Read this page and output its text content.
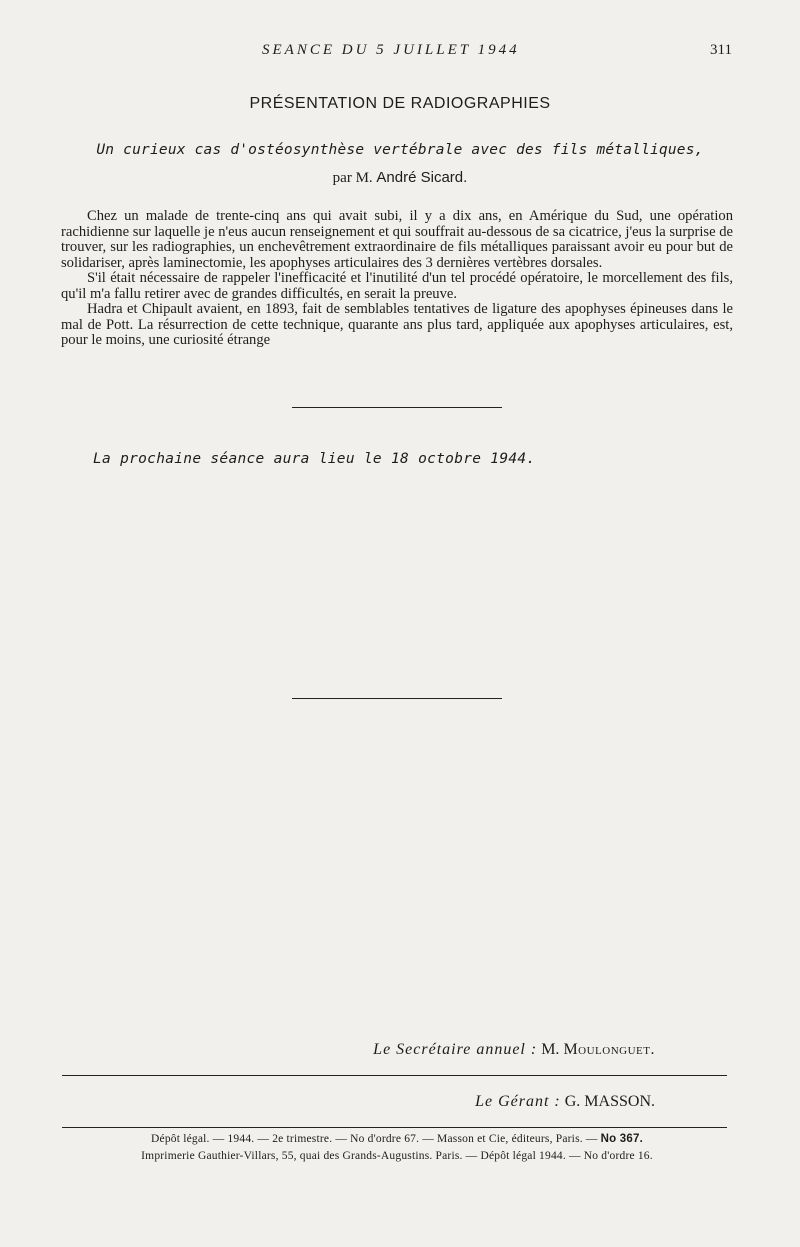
SEANCE DU 5 JUILLET 1944	311
PRÉSENTATION DE RADIOGRAPHIES
Un curieux cas d'ostéosynthèse vertébrale avec des fils métalliques,
par M. André Sicard.

Chez un malade de trente-cinq ans qui avait subi, il y a dix ans, en Amérique du Sud, une opération rachidienne sur laquelle je n'eus aucun renseignement et qui souffrait au-dessous de sa cicatrice, j'eus la surprise de trouver, sur les radiographies, un enchevêtrement extraordinaire de fils métalliques paraissant avoir eu pour but de solidariser, après laminectomie, les apophyses articulaires des 3 dernières vertèbres dorsales.

S'il était nécessaire de rappeler l'inefficacité et l'inutilité d'un tel procédé opératoire, le morcellement des fils, qu'il m'a fallu retirer avec de grandes difficultés, en serait la preuve.

Hadra et Chipault avaient, en 1893, fait de semblables tentatives de ligature des apophyses épineuses dans le mal de Pott. La résurrection de cette technique, quarante ans plus tard, appliquée aux apophyses articulaires, est, pour le moins, une curiosité étrange

La prochaine séance aura lieu le 18 octobre 1944.
Le Secrétaire annuel : M. Moulonguet.
Le Gérant : G. MASSON.
Dépôt légal. — 1944. — 2e trimestre. — No d'ordre 67. — Masson et Cie, éditeurs, Paris. — No 367.
Imprimerie Gauthier-Villars, 55, quai des Grands-Augustins. Paris. — Dépôt légal 1944. — No d'ordre 16.
